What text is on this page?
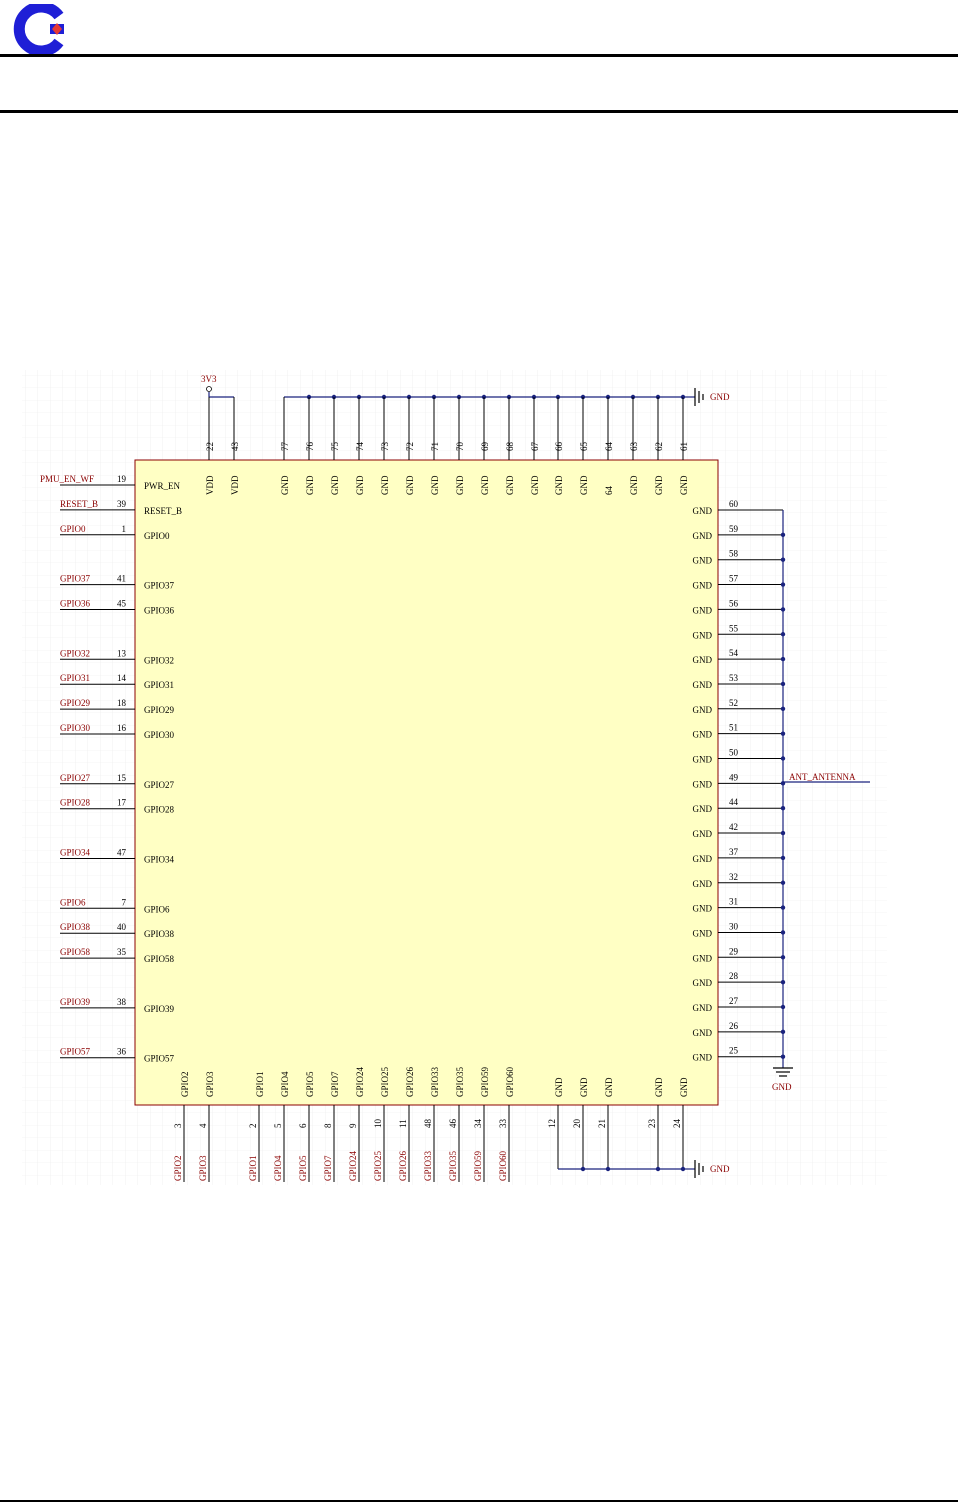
3V3
22
VDD
43
VDD
77
GND
76
GND
75
GND
74
GND
73
GND
72
GND
71
GND
70
GND
69
GND
68
GND
67
GND
66
GND
65
GND
64
64
63
GND
62
GND
61
GND
PMU_EN_WF	19
PWR_EN
RESET_B 39
RESET_B
GPIO0	1
GPIO0
GPIO37	41
GPIO37
GPIO36	45
GPIO36
GPIO32	13
GPIO32
GPIO31	14
GPIO31
GPIO29	18
GPIO29
GPIO30	16
GPIO30
GPIO27	15
GPIO27
GPIO28	17
GPIO28
GPIO34	47
GPIO34
GPIO6	7
GPIO6
GPIO38	40
GPIO38
GPIO58	35
GPIO58
GPIO39	38
GPIO39
GPIO57	36
GPIO57
60
GND
59
GND
58
GND
57
GND
56
GND
55
GND
54
GND
53
GND
52
GND
51
GND
50
GND
49
GND
44
GND
42
GND
37
GND
32
GND
31
GND
30
GND
29
GND
28
GND
27
GND
26
GND
25
GND
3
GPIO2
GPIO2
4
GPIO3
GPIO3
2
GPIO1
GPIO1
5
GPIO4
GPIO4
6
GPIO5
GPIO5
8
GPIO7
GPIO7
9
GPIO24
GPIO24
10
GPIO25
GPIO25
11
GPIO26
GPIO26
48
GPIO33
GPIO33
46
GPIO35
GPIO35
34
GPIO59
GPIO59
33
GPIO60
GPIO60
12
GND
20
GND
21
GND
23
GND
24
GND
GND
GND
ANT_ANTENNA
GND
